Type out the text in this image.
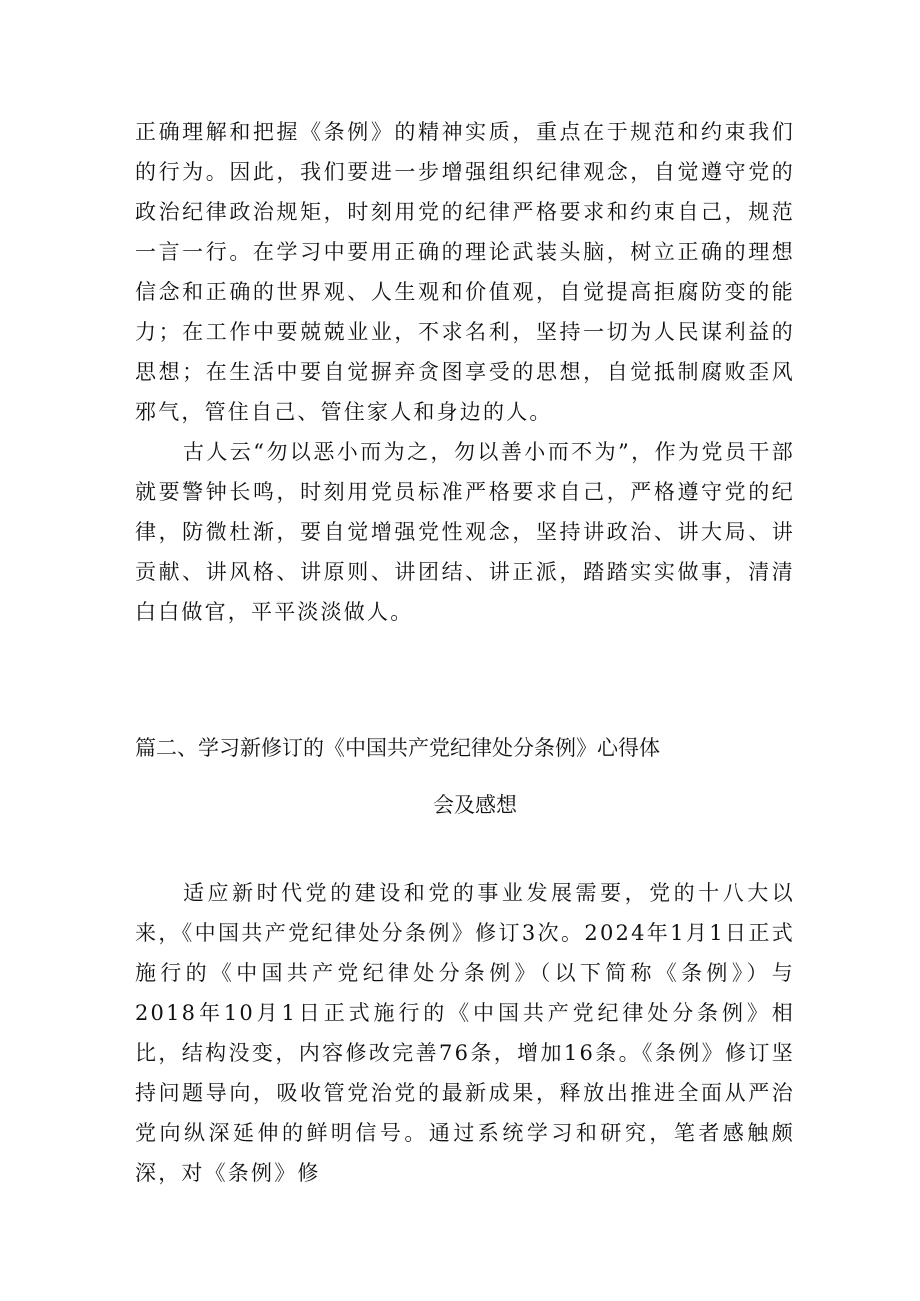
正确理解和把握《条例》的精神实质，重点在于规范和约束我们的行为。因此，我们要进一步增强组织纪律观念，自觉遵守党的政治纪律政治规矩，时刻用党的纪律严格要求和约束自己，规范一言一行。在学习中要用正确的理论武装头脑，树立正确的理想信念和正确的世界观、人生观和价值观，自觉提高拒腐防变的能力；在工作中要兢兢业业，不求名利，坚持一切为人民谋利益的思想；在生活中要自觉摒弃贪图享受的思想，自觉抵制腐败歪风邪气，管住自己、管住家人和身边的人。

古人云“勿以恶小而为之，勿以善小而不为”，作为党员干部就要警钟长鸣，时刻用党员标准严格要求自己，严格遵守党的纪律，防微杜渐，要自觉增强党性观念，坚持讲政治、讲大局、讲贡献、讲风格、讲原则、讲团结、讲正派，踏踏实实做事，清清白白做官，平平淡淡做人。

篇二、学习新修订的《中国共产党纪律处分条例》心得体
会及感想

适应新时代党的建设和党的事业发展需要，党的十八大以来，《中国共产党纪律处分条例》修订3次。2024年1月1日正式施行的《中国共产党纪律处分条例》（以下简称《条例》）与2018年10月1日正式施行的《中国共产党纪律处分条例》相比，结构没变，内容修改完善76条，增加16条。《条例》修订坚持问题导向，吸收管党治党的最新成果，释放出推进全面从严治党向纵深延伸的鲜明信号。通过系统学习和研究，笔者感触颇深，对《条例》修
